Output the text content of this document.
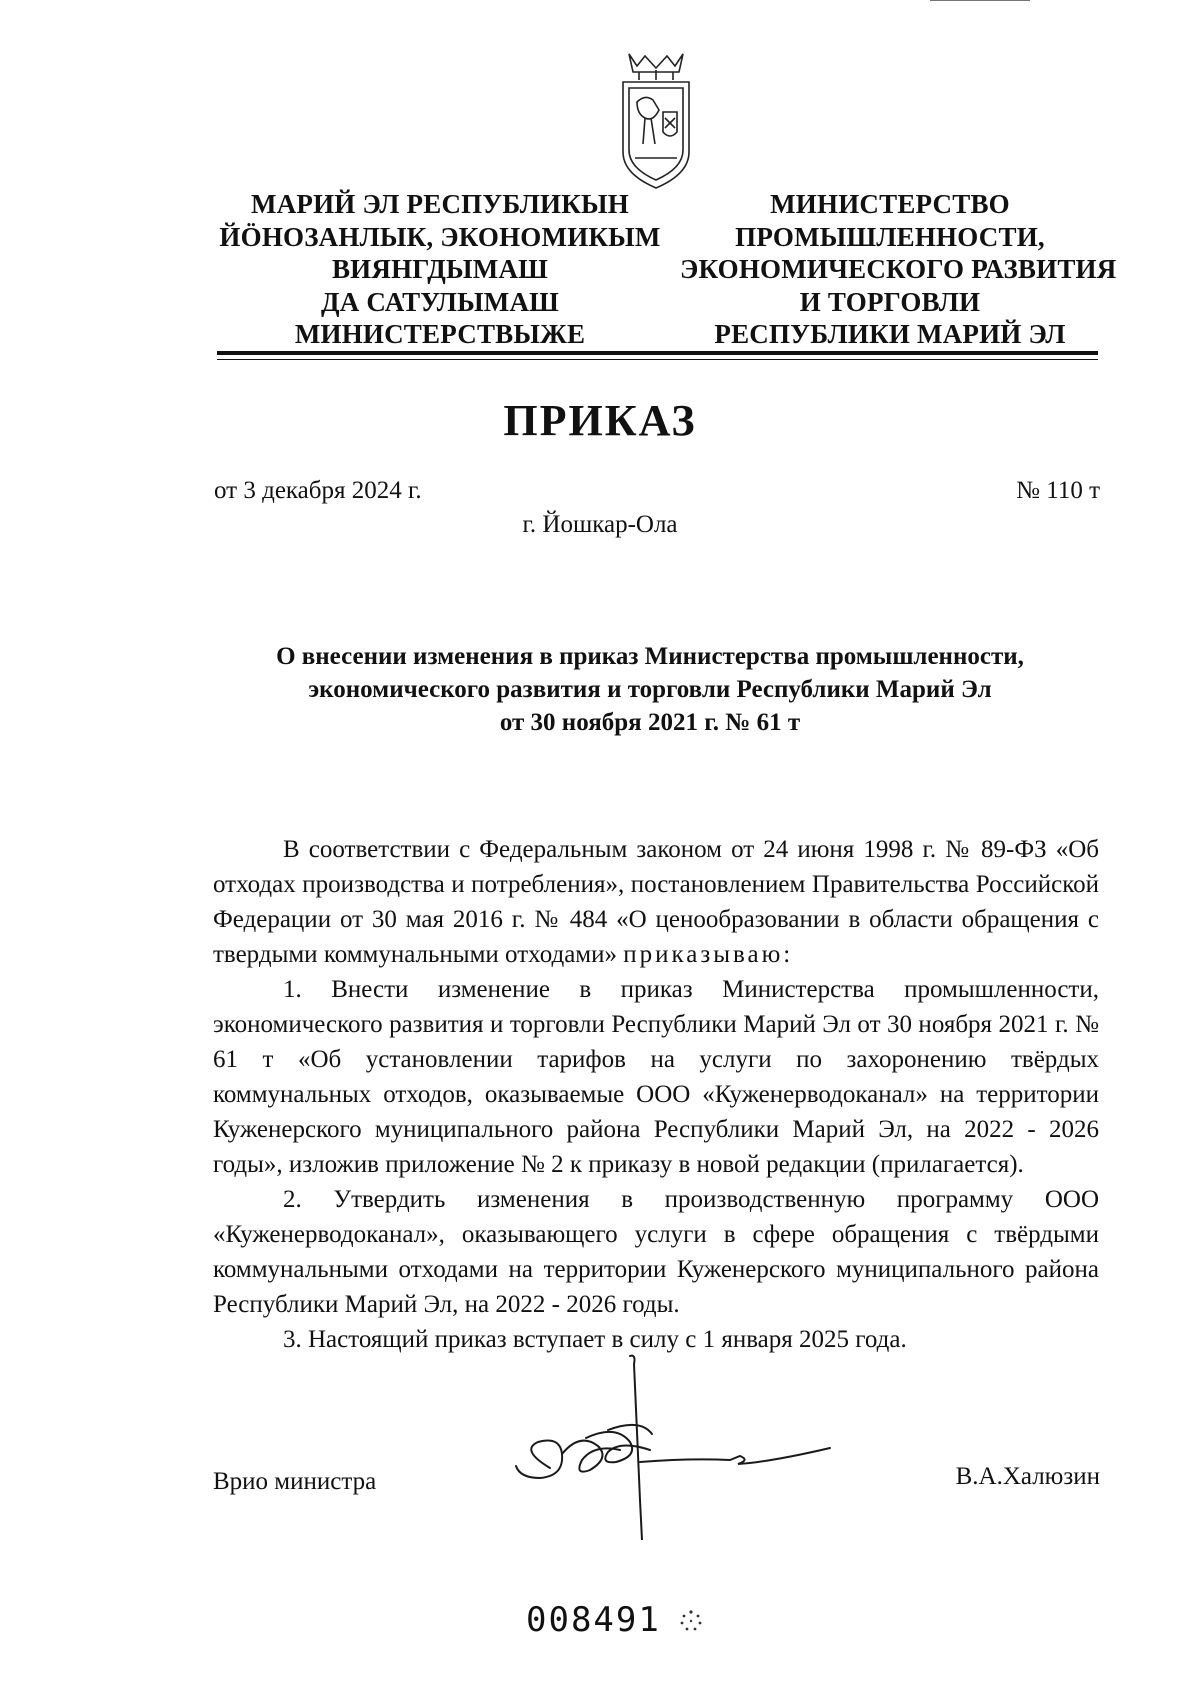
МАРИЙ ЭЛ РЕСПУБЛИКЫН
ЙӦНОЗАНЛЫК, ЭКОНОМИКЫМ
ВИЯНГДЫМАШ
ДА САТУЛЫМАШ
МИНИСТЕРСТВЫЖЕ
МИНИСТЕРСТВО
ПРОМЫШЛЕННОСТИ,
ЭКОНОМИЧЕСКОГО РАЗВИТИЯ
И ТОРГОВЛИ
РЕСПУБЛИКИ МАРИЙ ЭЛ
ПРИКАЗ
от 3 декабря 2024 г.	№ 110 т
г. Йошкар-Ола
О внесении изменения в приказ Министерства промышленности,
экономического развития и торговли Республики Марий Эл
от 30 ноября 2021 г. № 61 т

В соответствии с Федеральным законом от 24 июня 1998 г. № 89-ФЗ «Об отходах производства и потребления», постановлением Правительства Российской Федерации от 30 мая 2016 г. № 484 «О ценообразовании в области обращения с твердыми коммунальными отходами» приказываю:

1. Внести изменение в приказ Министерства промышленности, экономического развития и торговли Республики Марий Эл от 30 ноября 2021 г. № 61 т «Об установлении тарифов на услуги по захоронению твёрдых коммунальных отходов, оказываемые ООО «Куженерводоканал» на территории Куженерского муниципального района Республики Марий Эл, на 2022 - 2026 годы», изложив приложение № 2 к приказу в новой редакции (прилагается).

2. Утвердить изменения в производственную программу ООО «Куженерводоканал», оказывающего услуги в сфере обращения с твёрдыми коммунальными отходами на территории Куженерского муниципального района Республики Марий Эл, на 2022 - 2026 годы.

3. Настоящий приказ вступает в силу с 1 января 2025 года.

Врио министра	В.А.Халюзин
008491
